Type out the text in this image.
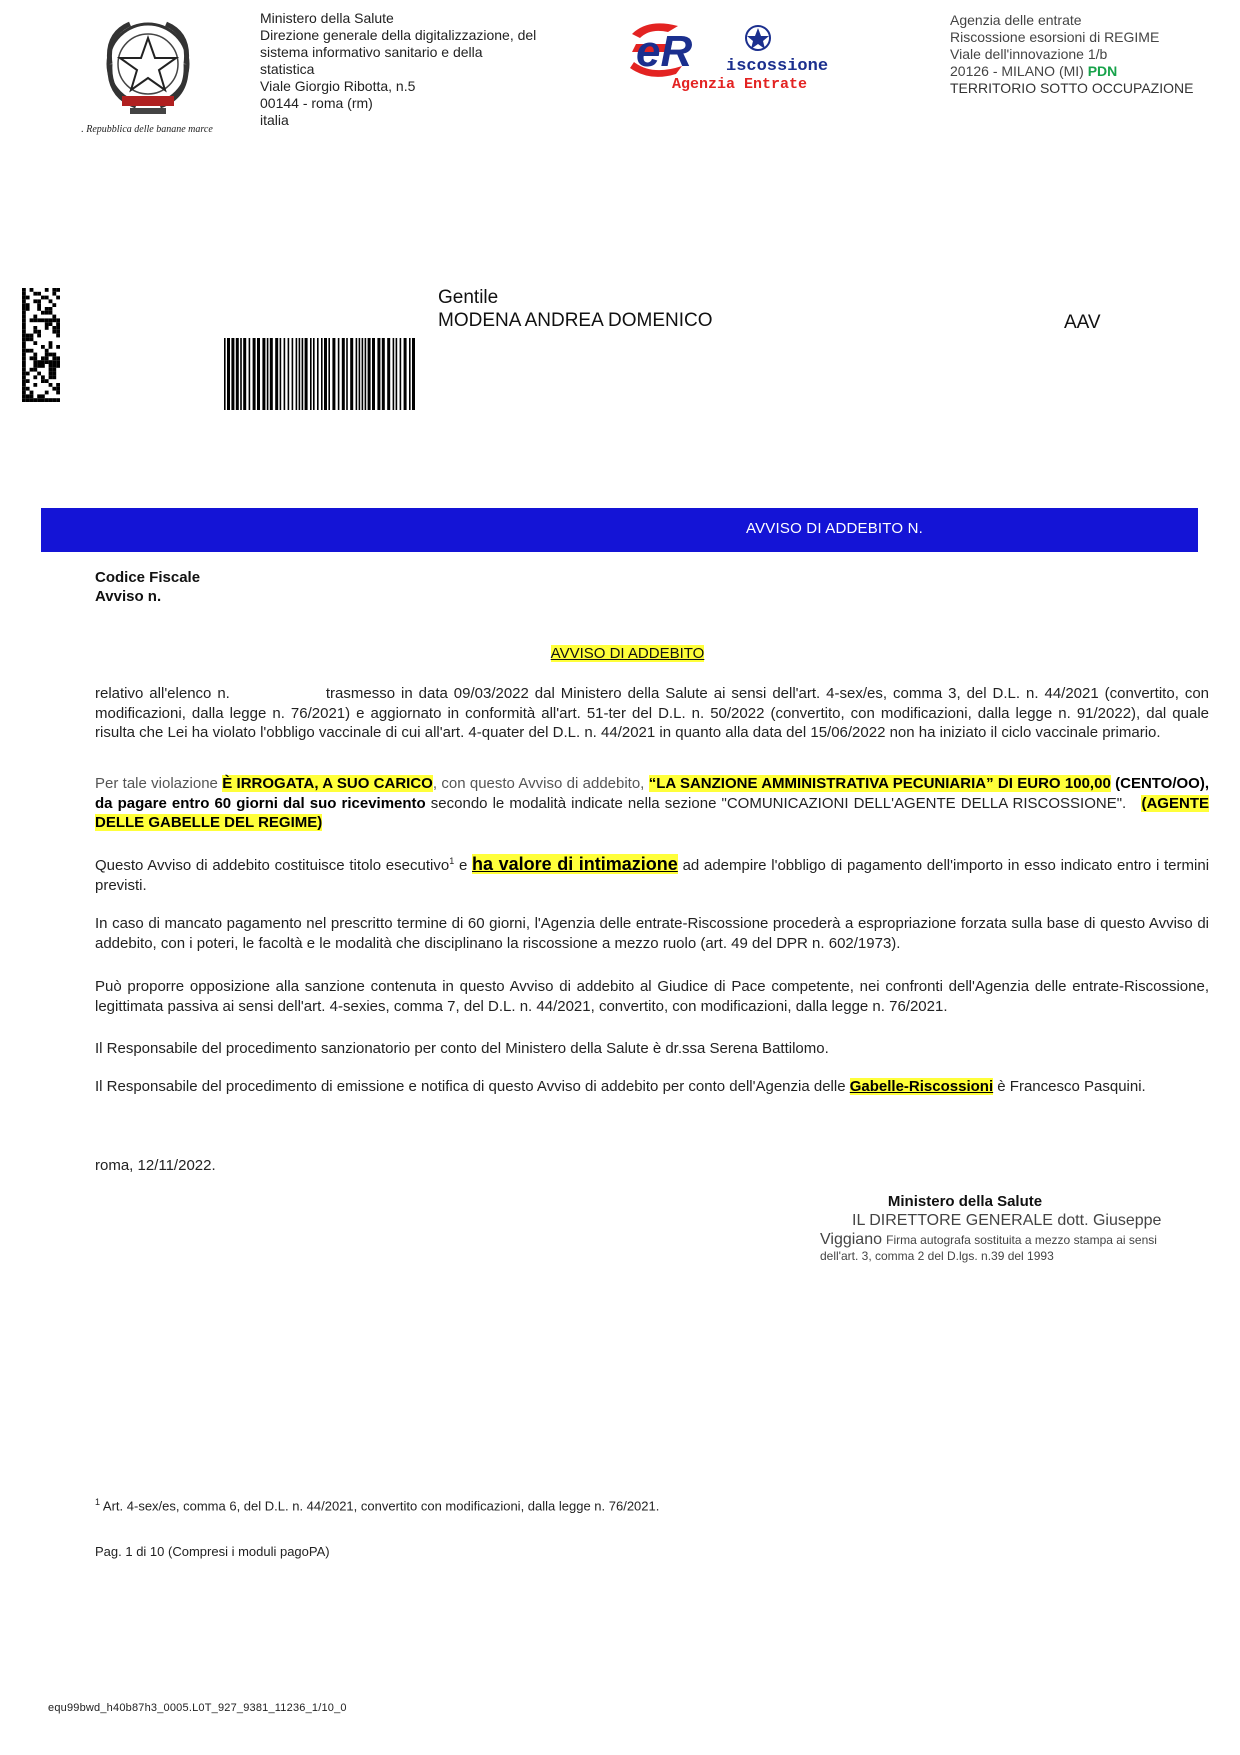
. Repubblica delle banane marce
Ministero della Salute
Direzione generale della digitalizzazione, del sistema informativo sanitario e della statistica
Viale Giorgio Ribotta, n.5
00144 - roma (rm)
italia
eR iscossione
Agenzia Entrate
Agenzia delle entrate
Riscossione esorsioni di REGIME
Viale dell'innovazione 1/b
20126 - MILANO (MI) PDN
TERRITORIO SOTTO OCCUPAZIONE
Gentile
MODENA ANDREA DOMENICO	AAV
AVVISO DI ADDEBITO N.
Codice Fiscale
Avviso n.
AVVISO DI ADDEBITO
relativo all'elenco n.	trasmesso in data 09/03/2022 dal Ministero della Salute ai sensi dell'art. 4-sex/es, comma 3, del D.L. n. 44/2021 (convertito, con modificazioni, dalla legge n. 76/2021) e aggiornato in conformità all'art. 51-ter del D.L. n. 50/2022 (convertito, con modificazioni, dalla legge n. 91/2022), dal quale risulta che Lei ha violato l'obbligo vaccinale di cui all'art. 4-quater del D.L. n. 44/2021 in quanto alla data del 15/06/2022 non ha iniziato il ciclo vaccinale primario.
Per tale violazione È IRROGATA, A SUO CARICO, con questo Avviso di addebito, “LA SANZIONE AMMINISTRATIVA PECUNIARIA” DI EURO 100,00 (CENTO/OO), da pagare entro 60 giorni dal suo ricevimento secondo le modalità indicate nella sezione "COMUNICAZIONI DELL'AGENTE DELLA RISCOSSIONE". (AGENTE DELLE GABELLE DEL REGIME)
Questo Avviso di addebito costituisce titolo esecutivo$^1$ e ha valore di intimazione ad adempire l'obbligo di pagamento dell'importo in esso indicato entro i termini previsti.
In caso di mancato pagamento nel prescritto termine di 60 giorni, l'Agenzia delle entrate-Riscossione procederà a espropriazione forzata sulla base di questo Avviso di addebito, con i poteri, le facoltà e le modalità che disciplinano la riscossione a mezzo ruolo (art. 49 del DPR n. 602/1973).
Può proporre opposizione alla sanzione contenuta in questo Avviso di addebito al Giudice di Pace competente, nei confronti dell'Agenzia delle entrate-Riscossione, legittimata passiva ai sensi dell'art. 4-sexies, comma 7, del D.L. n. 44/2021, convertito, con modificazioni, dalla legge n. 76/2021.
Il Responsabile del procedimento sanzionatorio per conto del Ministero della Salute è dr.ssa Serena Battilomo.
Il Responsabile del procedimento di emissione e notifica di questo Avviso di addebito per conto dell'Agenzia delle Gabelle-Riscossioni è Francesco Pasquini.
roma, 12/11/2022.
Ministero della Salute
IL DIRETTORE GENERALE dott. Giuseppe
Viggiano Firma autografa sostituita a mezzo stampa ai sensi
dell'art. 3, comma 2 del D.lgs. n.39 del 1993
$^1$ Art. 4-sex/es, comma 6, del D.L. n. 44/2021, convertito con modificazioni, dalla legge n. 76/2021.
Pag. 1 di 10 (Compresi i moduli pagoPA)
equ99bwd_h40b87h3_0005.L0T_927_9381_11236_1/10_0
